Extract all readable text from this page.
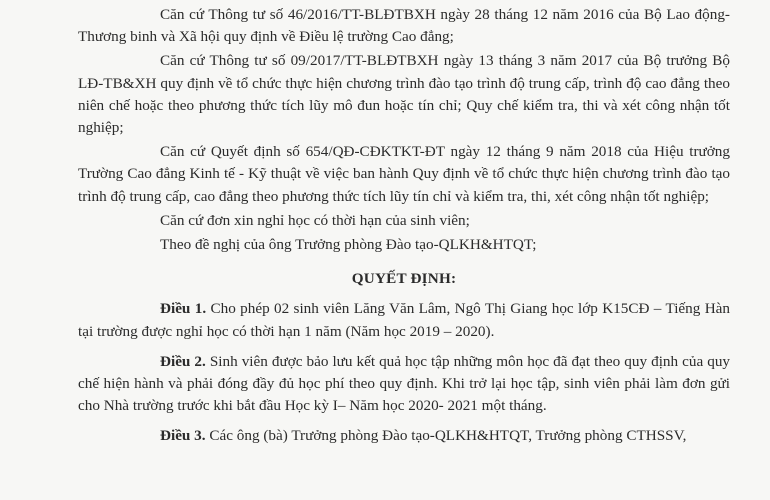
Căn cứ Thông tư số 46/2016/TT-BLĐTBXH ngày 28 tháng 12 năm 2016 của Bộ Lao động-Thương binh và Xã hội quy định về Điều lệ trường Cao đẳng;

Căn cứ Thông tư số 09/2017/TT-BLĐTBXH ngày 13 tháng 3 năm 2017 của Bộ trưởng Bộ LĐ-TB&XH quy định về tổ chức thực hiện chương trình đào tạo trình độ trung cấp, trình độ cao đẳng theo niên chế hoặc theo phương thức tích lũy mô đun hoặc tín chỉ; Quy chế kiểm tra, thi và xét công nhận tốt nghiệp;

Căn cứ Quyết định số 654/QĐ-CĐKTKT-ĐT ngày 12 tháng 9 năm 2018 của Hiệu trưởng Trường Cao đẳng Kinh tế - Kỹ thuật về việc ban hành Quy định về tổ chức thực hiện chương trình đào tạo trình độ trung cấp, cao đẳng theo phương thức tích lũy tín chỉ và kiểm tra, thi, xét công nhận tốt nghiệp;

Căn cứ đơn xin nghỉ học có thời hạn của sinh viên;

Theo đề nghị của ông Trưởng phòng Đào tạo-QLKH&HTQT;

QUYẾT ĐỊNH:

Điều 1. Cho phép 02 sinh viên Lăng Văn Lâm, Ngô Thị Giang học lớp K15CĐ – Tiếng Hàn tại trường được nghỉ học có thời hạn 1 năm (Năm học 2019 – 2020).

Điều 2. Sinh viên được bảo lưu kết quả học tập những môn học đã đạt theo quy định của quy chế hiện hành và phải đóng đầy đủ học phí theo quy định. Khi trở lại học tập, sinh viên phải làm đơn gửi cho Nhà trường trước khi bắt đầu Học kỳ I– Năm học 2020- 2021 một tháng.

Điều 3. Các ông (bà) Trưởng phòng Đào tạo-QLKH&HTQT, Trưởng phòng CTHSSV,
